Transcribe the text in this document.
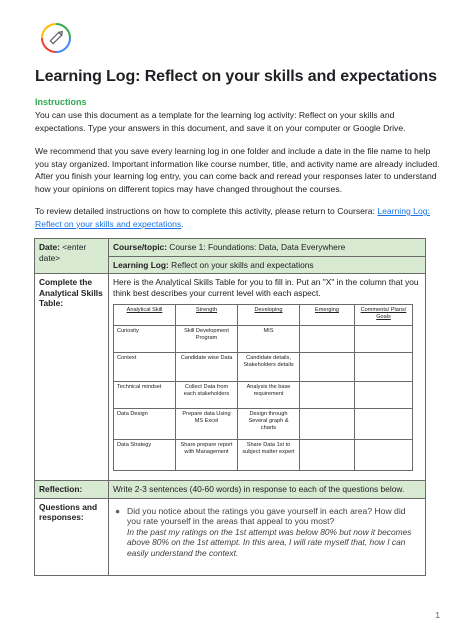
Learning Log: Reflect on your skills and expectations
Instructions
You can use this document as a template for the learning log activity: Reflect on your skills and expectations. Type your answers in this document, and save it on your computer or Google Drive.
We recommend that you save every learning log in one folder and include a date in the file name to help you stay organized. Important information like course number, title, and activity name are already included. After you finish your learning log entry, you can come back and reread your responses later to understand how your opinions on different topics may have changed throughout the courses.
To review detailed instructions on how to complete this activity, please return to Coursera: Learning Log: Reflect on your skills and expectations.
Date: <enter date>	Course/topic: Course 1: Foundations: Data, Data Everywhere
Learning Log: Reflect on your skills and expectations
Complete the Analytical Skills Table:	
Here is the Analytical Skills Table for you to fill in. Put an "X" in the column that you think best describes your current level with each aspect.
Analytical Skill	Strength	Developing	Emerging	Comments/ Plans/ Goals
Curiosity	Skill Development Program	MIS		
Context	Candidate wise Data	Candidate details, Stakeholders details		
Technical mindset	Collect Data from each stakeholders	Analysis the base requirement		
Data Design	Prepare data Using MS Excel	Design through Several graph & charts		
Data Strategy	Share prepare report with Management	Share Data 1st to subject matter expert		

Reflection:	Write 2-3 sentences (40-60 words) in response to each of the questions below.
Questions and responses:	
● Did you notice about the ratings you gave yourself in each area? How did you rate yourself in the areas that appeal to you most?
In the past my ratings on the 1st attempt was below 80% but now it becomes above 80% on the 1st attempt. In this area, I will rate myself that, how I can easily understand the context.
1
